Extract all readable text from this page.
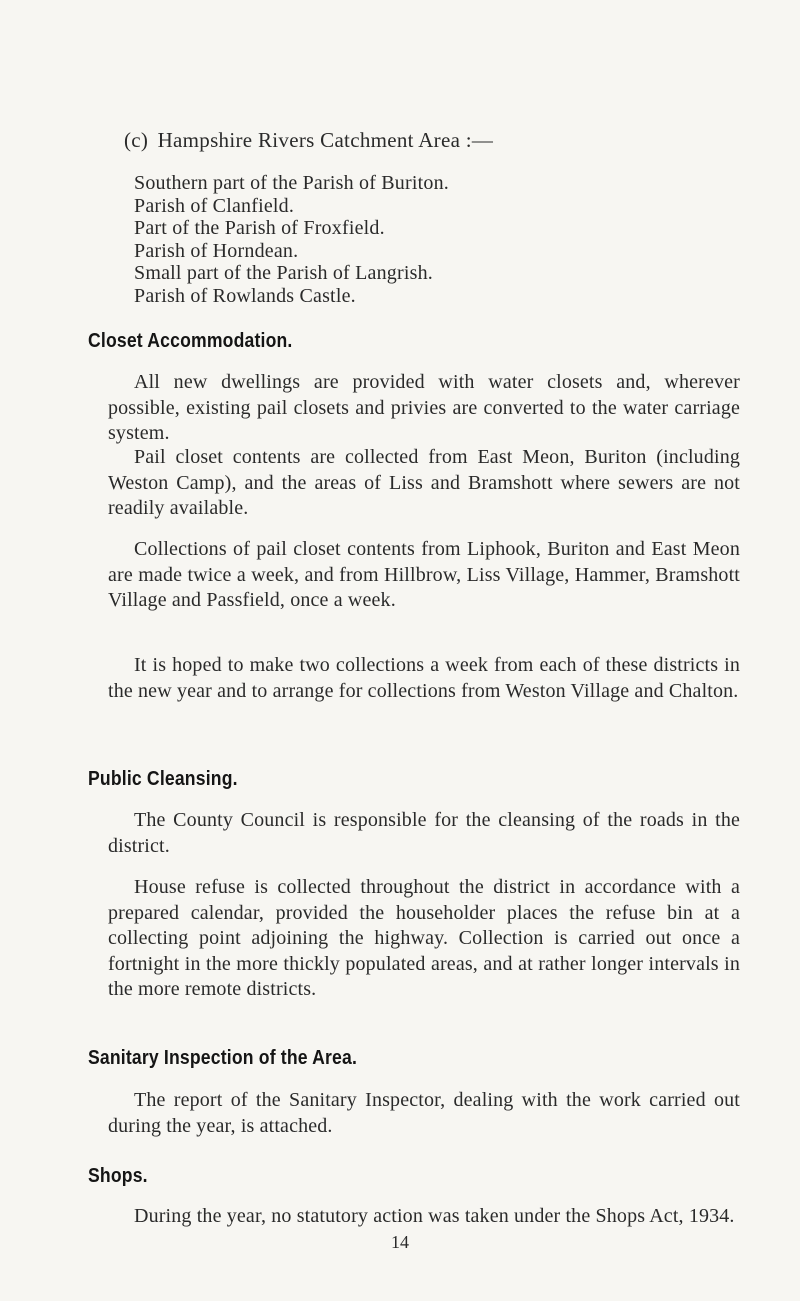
(c) Hampshire Rivers Catchment Area :—

Southern part of the Parish of Buriton.
Parish of Clanfield.
Part of the Parish of Froxfield.
Parish of Horndean.
Small part of the Parish of Langrish.
Parish of Rowlands Castle.
Closet Accommodation.

All new dwellings are provided with water closets and, wherever possible, existing pail closets and privies are converted to the water carriage system.

Pail closet contents are collected from East Meon, Buriton (including Weston Camp), and the areas of Liss and Bramshott where sewers are not readily available.

Collections of pail closet contents from Liphook, Buriton and East Meon are made twice a week, and from Hillbrow, Liss Village, Hammer, Bramshott Village and Passfield, once a week.

It is hoped to make two collections a week from each of these districts in the new year and to arrange for collections from Weston Village and Chalton.

Public Cleansing.

The County Council is responsible for the cleansing of the roads in the district.

House refuse is collected throughout the district in accordance with a prepared calendar, provided the householder places the refuse bin at a collecting point adjoining the highway. Collection is carried out once a fortnight in the more thickly populated areas, and at rather longer intervals in the more remote districts.

Sanitary Inspection of the Area.

The report of the Sanitary Inspector, dealing with the work carried out during the year, is attached.

Shops.

During the year, no statutory action was taken under the Shops Act, 1934.

14
